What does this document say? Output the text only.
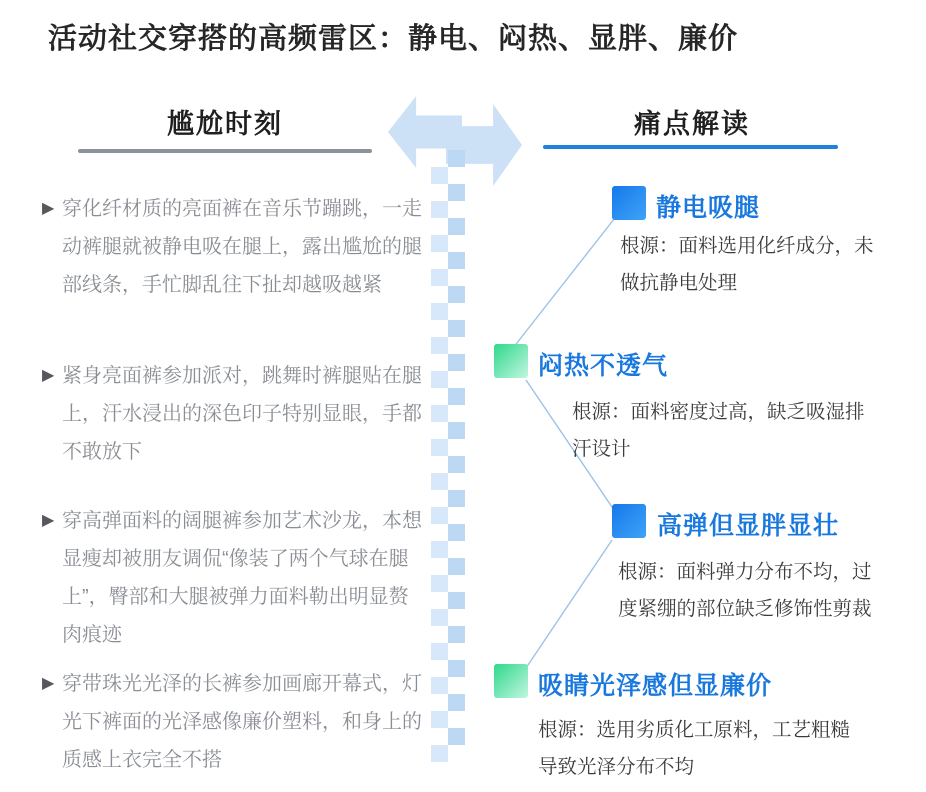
活动社交穿搭的高频雷区：静电、闷热、显胖、廉价
尴尬时刻	痛点解读
▶ 穿化纤材质的亮面裤在音乐节蹦跳，一走动裤腿就被静电吸在腿上，露出尴尬的腿部线条，手忙脚乱往下扯却越吸越紧
▶ 紧身亮面裤参加派对，跳舞时裤腿贴在腿上，汗水浸出的深色印子特别显眼，手都不敢放下
▶ 穿高弹面料的阔腿裤参加艺术沙龙，本想显瘦却被朋友调侃“像装了两个气球在腿上”，臀部和大腿被弹力面料勒出明显赘肉痕迹
▶ 穿带珠光光泽的长裤参加画廊开幕式，灯光下裤面的光泽感像廉价塑料，和身上的质感上衣完全不搭
静电吸腿
根源：面料选用化纤成分，未做抗静电处理
闷热不透气
根源：面料密度过高，缺乏吸湿排汗设计
高弹但显胖显壮
根源：面料弹力分布不均，过度紧绷的部位缺乏修饰性剪裁
吸睛光泽感但显廉价
根源：选用劣质化工原料，工艺粗糙导致光泽分布不均
